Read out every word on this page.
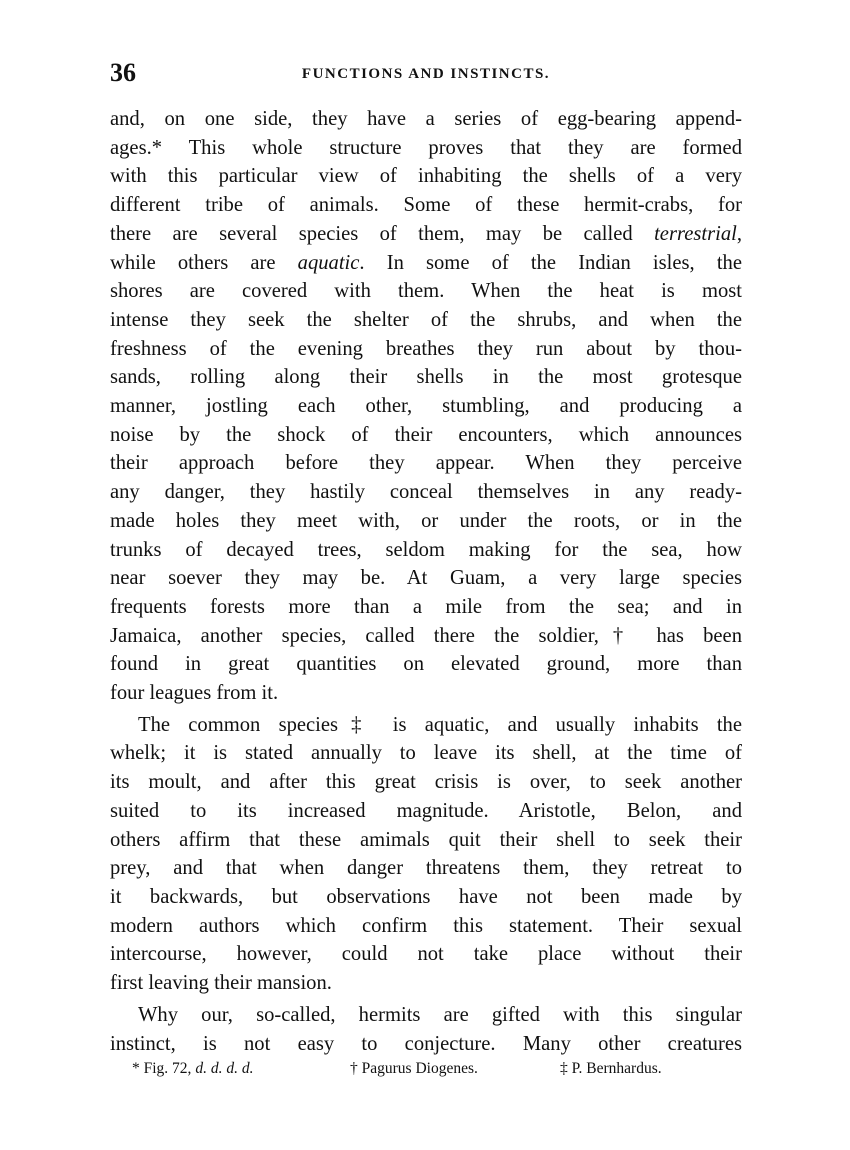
36	FUNCTIONS AND INSTINCTS.
and, on one side, they have a series of egg-bearing append-
ages.* This whole structure proves that they are formed
with this particular view of inhabiting the shells of a very
different tribe of animals. Some of these hermit-crabs, for
there are several species of them, may be called terrestrial,
while others are aquatic. In some of the Indian isles, the
shores are covered with them. When the heat is most
intense they seek the shelter of the shrubs, and when the
freshness of the evening breathes they run about by thou-
sands, rolling along their shells in the most grotesque
manner, jostling each other, stumbling, and producing a
noise by the shock of their encounters, which announces
their approach before they appear. When they perceive
any danger, they hastily conceal themselves in any ready-
made holes they meet with, or under the roots, or in the
trunks of decayed trees, seldom making for the sea, how
near soever they may be. At Guam, a very large species
frequents forests more than a mile from the sea; and in
Jamaica, another species, called there the soldier,† has been
found in great quantities on elevated ground, more than
four leagues from it.
The common species‡ is aquatic, and usually inhabits the
whelk; it is stated annually to leave its shell, at the time of
its moult, and after this great crisis is over, to seek another
suited to its increased magnitude. Aristotle, Belon, and
others affirm that these amimals quit their shell to seek their
prey, and that when danger threatens them, they retreat to
it backwards, but observations have not been made by
modern authors which confirm this statement. Their sexual
intercourse, however, could not take place without their
first leaving their mansion.
Why our, so-called, hermits are gifted with this singular
instinct, is not easy to conjecture. Many other creatures
* Fig. 72, d. d. d. d.	† Pagurus Diogenes.	‡ P. Bernhardus.
